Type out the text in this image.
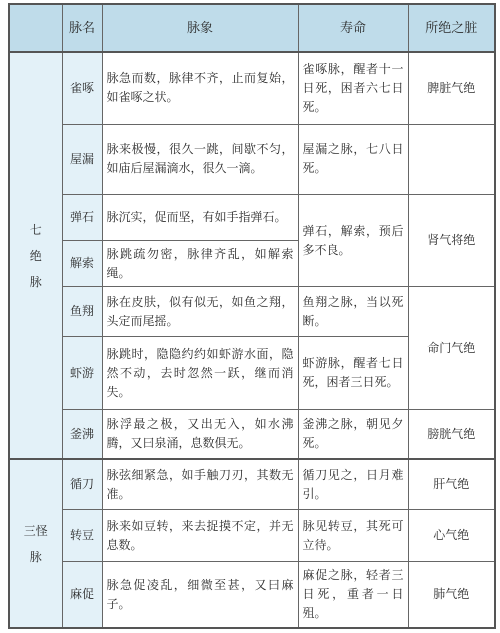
	脉名	脉象	寿命	所绝之脏

七绝脉	雀啄	脉急而数，脉律不齐，止而复始，如雀啄之状。	雀啄脉，醒者十一日死，困者六七日死。	脾脏气绝

	屋漏	脉来极慢，很久一跳，间歇不匀，如庙后屋漏滴水，很久一滴。	屋漏之脉，七八日死。	

	弹石	脉沉实，促而坚，有如手指弹石。	弹石，解索，预后多不良。	肾气将绝

	解索	脉跳疏勿密，脉律齐乱，如解索绳。		

	鱼翔	脉在皮肤，似有似无，如鱼之翔，头定而尾摇。	鱼翔之脉，当以死断。	命门气绝

	虾游	脉跳时，隐隐约约如虾游水面，隐然不动，去时忽然一跃，继而消失。	虾游脉，醒者七日死，困者三日死。	

	釜沸	脉浮最之极，又出无入，如水沸腾，又曰泉涌，息数俱无。	釜沸之脉，朝见夕死。	膀胱气绝

三怪脉	循刀	脉弦细紧急，如手触刀刃，其数无准。	循刀见之，日月难引。	肝气绝

	转豆	脉来如豆转，来去捉摸不定，并无息数。	脉见转豆，其死可立待。	心气绝

	麻促	脉急促凌乱，细微至甚，又曰麻子。	麻促之脉，轻者三日死，重者一日殂。	肺气绝
